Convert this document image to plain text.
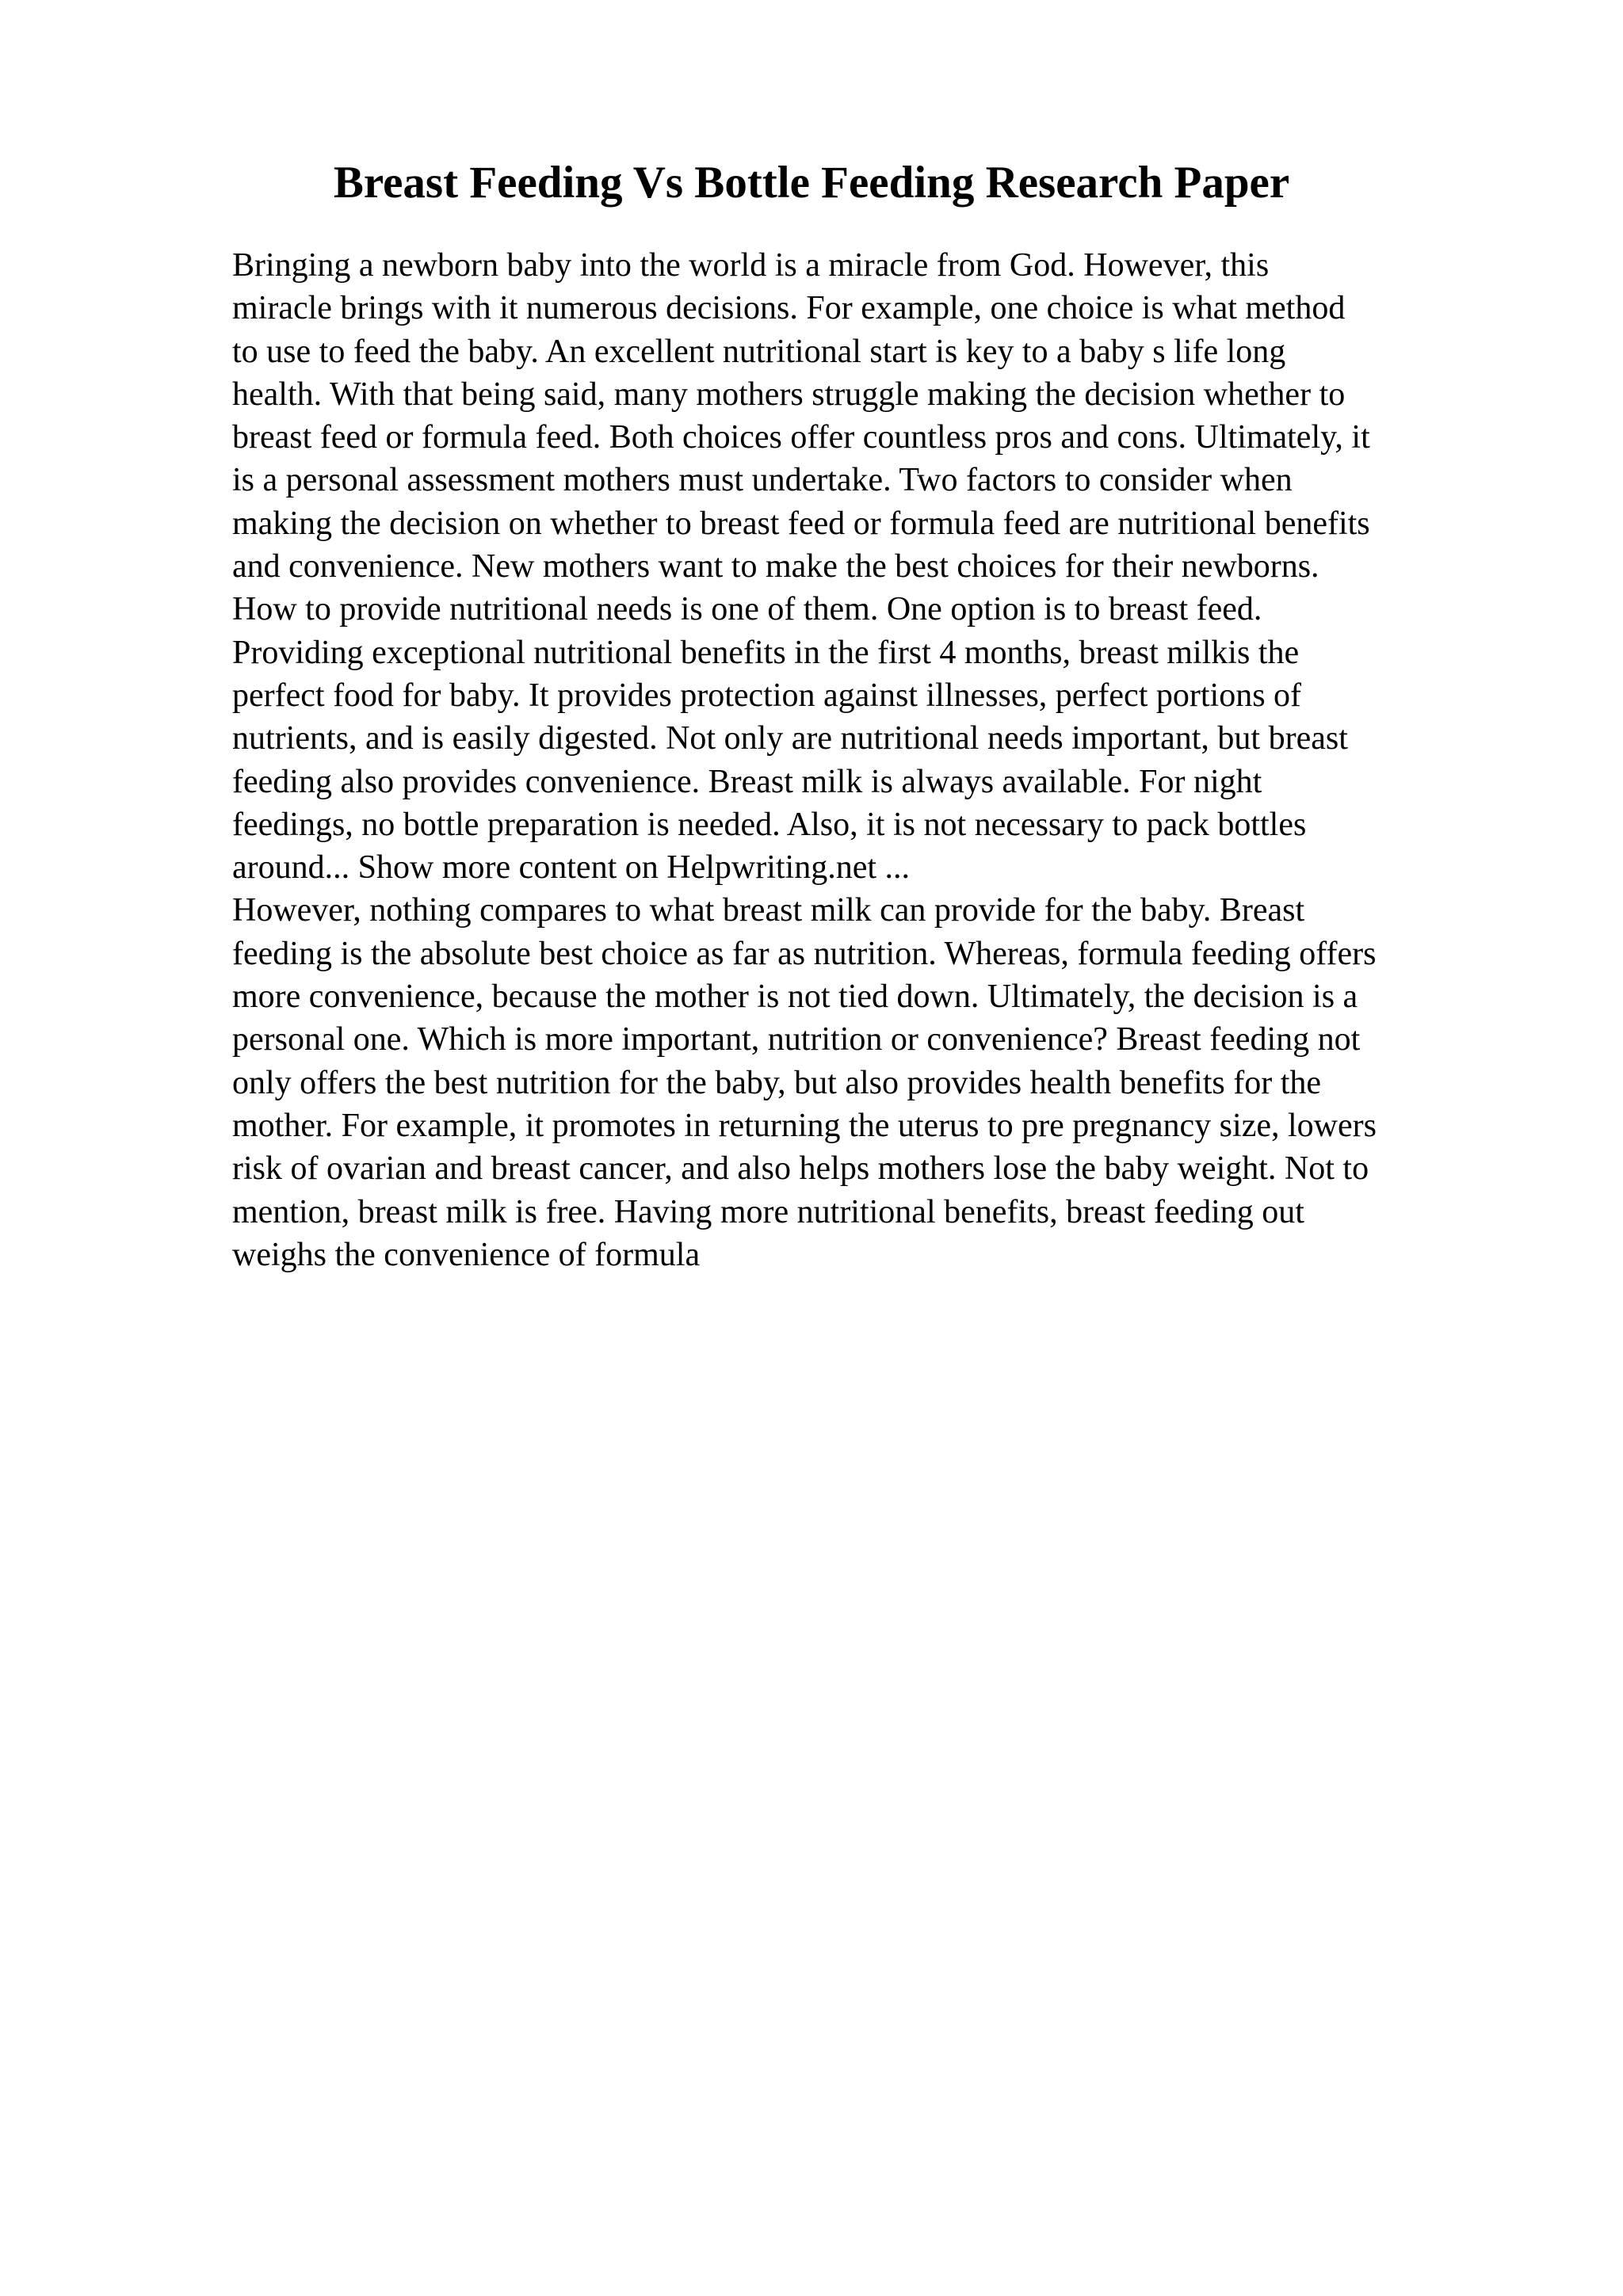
Breast Feeding Vs Bottle Feeding Research Paper
Bringing a newborn baby into the world is a miracle from God. However, this
miracle brings with it numerous decisions. For example, one choice is what method
to use to feed the baby. An excellent nutritional start is key to a baby s life long
health. With that being said, many mothers struggle making the decision whether to
breast feed or formula feed. Both choices offer countless pros and cons. Ultimately, it
is a personal assessment mothers must undertake. Two factors to consider when
making the decision on whether to breast feed or formula feed are nutritional benefits
and convenience. New mothers want to make the best choices for their newborns.
How to provide nutritional needs is one of them. One option is to breast feed.
Providing exceptional nutritional benefits in the first 4 months, breast milkis the
perfect food for baby. It provides protection against illnesses, perfect portions of
nutrients, and is easily digested. Not only are nutritional needs important, but breast
feeding also provides convenience. Breast milk is always available. For night
feedings, no bottle preparation is needed. Also, it is not necessary to pack bottles
around... Show more content on Helpwriting.net ...
However, nothing compares to what breast milk can provide for the baby. Breast
feeding is the absolute best choice as far as nutrition. Whereas, formula feeding offers
more convenience, because the mother is not tied down. Ultimately, the decision is a
personal one. Which is more important, nutrition or convenience? Breast feeding not
only offers the best nutrition for the baby, but also provides health benefits for the
mother. For example, it promotes in returning the uterus to pre pregnancy size, lowers
risk of ovarian and breast cancer, and also helps mothers lose the baby weight. Not to
mention, breast milk is free. Having more nutritional benefits, breast feeding out
weighs the convenience of formula
